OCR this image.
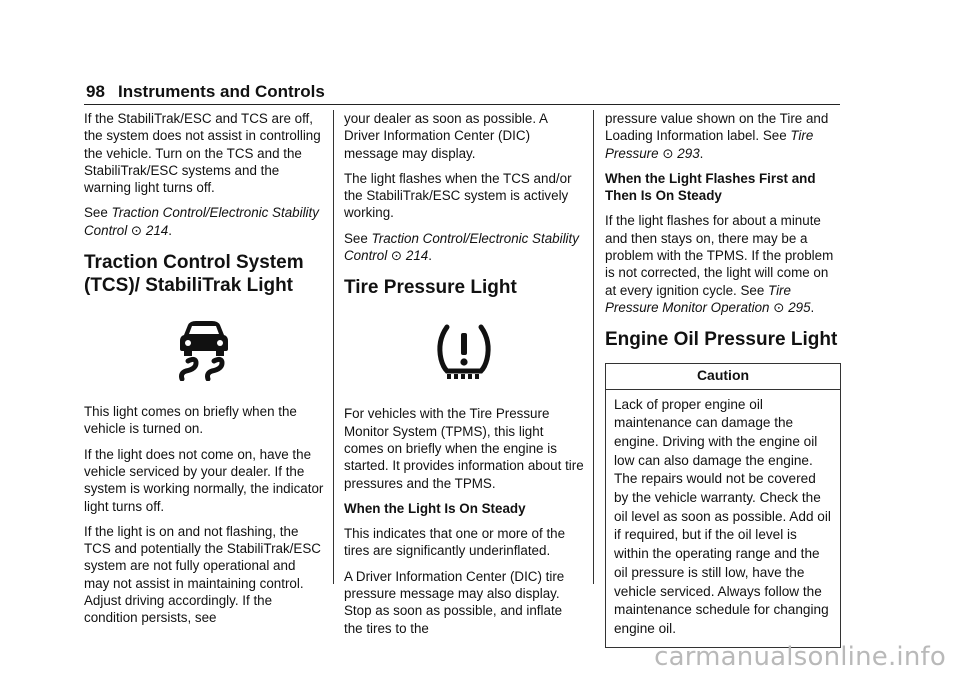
98 Instruments and Controls

If the StabiliTrak/ESC and TCS are off, the system does not assist in controlling the vehicle. Turn on the TCS and the StabiliTrak/ESC systems and the warning light turns off.

See Traction Control/Electronic Stability Control ⊙ 214.

Traction Control System (TCS)/ StabiliTrak Light

This light comes on briefly when the vehicle is turned on.

If the light does not come on, have the vehicle serviced by your dealer. If the system is working normally, the indicator light turns off.

If the light is on and not flashing, the TCS and potentially the StabiliTrak/ESC system are not fully operational and may not assist in maintaining control. Adjust driving accordingly. If the condition persists, see

your dealer as soon as possible. A Driver Information Center (DIC) message may display.

The light flashes when the TCS and/or the StabiliTrak/ESC system is actively working.

See Traction Control/Electronic Stability Control ⊙ 214.

Tire Pressure Light

For vehicles with the Tire Pressure Monitor System (TPMS), this light comes on briefly when the engine is started. It provides information about tire pressures and the TPMS.

When the Light Is On Steady

This indicates that one or more of the tires are significantly underinflated.

A Driver Information Center (DIC) tire pressure message may also display. Stop as soon as possible, and inflate the tires to the

pressure value shown on the Tire and Loading Information label. See Tire Pressure ⊙ 293.

When the Light Flashes First and Then Is On Steady

If the light flashes for about a minute and then stays on, there may be a problem with the TPMS. If the problem is not corrected, the light will come on at every ignition cycle. See Tire Pressure Monitor Operation ⊙ 295.

Engine Oil Pressure Light
Caution
Lack of proper engine oil maintenance can damage the engine. Driving with the engine oil low can also damage the engine. The repairs would not be covered by the vehicle warranty. Check the oil level as soon as possible. Add oil if required, but if the oil level is within the operating range and the oil pressure is still low, have the vehicle serviced. Always follow the maintenance schedule for changing engine oil.
carmanualsonline.info
